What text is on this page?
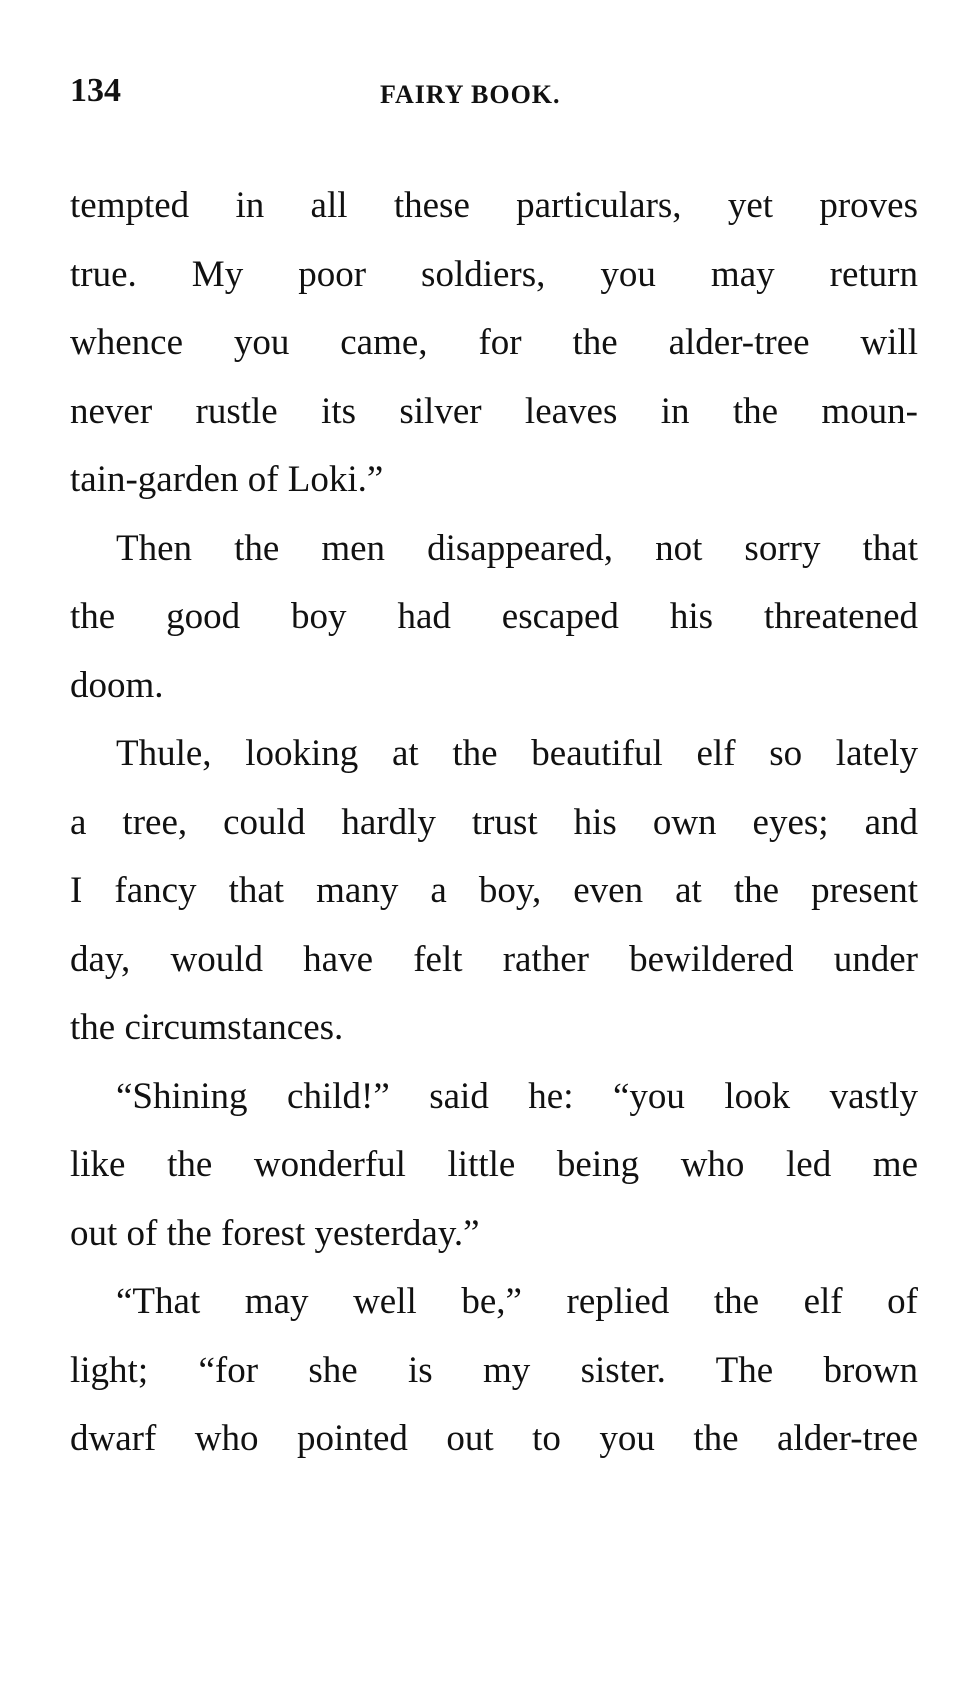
134	FAIRY BOOK.
tempted in all these particulars, yet proves
true. My poor soldiers, you may return
whence you came, for the alder-tree will
never rustle its silver leaves in the moun-
tain-garden of Loki.”
Then the men disappeared, not sorry that
the good boy had escaped his threatened
doom.
Thule, looking at the beautiful elf so lately
a tree, could hardly trust his own eyes; and
I fancy that many a boy, even at the present
day, would have felt rather bewildered under
the circumstances.
“Shining child!” said he: “you look vastly
like the wonderful little being who led me
out of the forest yesterday.”
“That may well be,” replied the elf of
light; “for she is my sister. The brown
dwarf who pointed out to you the alder-tree
